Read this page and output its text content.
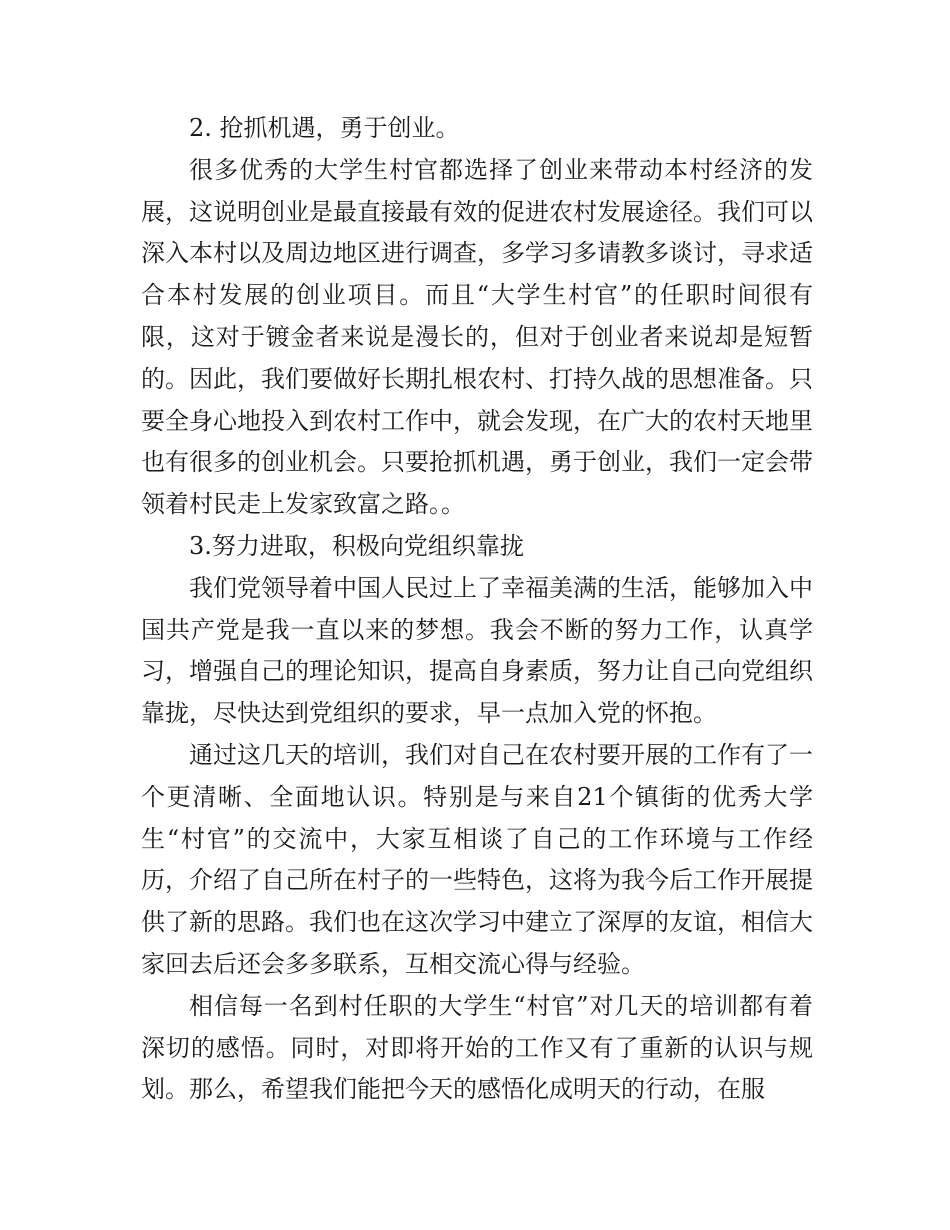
2. 抢抓机遇，勇于创业。

很多优秀的大学生村官都选择了创业来带动本村经济的发展，这说明创业是最直接最有效的促进农村发展途径。我们可以深入本村以及周边地区进行调查，多学习多请教多谈讨，寻求适合本村发展的创业项目。而且“大学生村官”的任职时间很有限，这对于镀金者来说是漫长的，但对于创业者来说却是短暂的。因此，我们要做好长期扎根农村、打持久战的思想准备。只要全身心地投入到农村工作中，就会发现，在广大的农村天地里也有很多的创业机会。只要抢抓机遇，勇于创业，我们一定会带领着村民走上发家致富之路。。

3.努力进取，积极向党组织靠拢

我们党领导着中国人民过上了幸福美满的生活，能够加入中国共产党是我一直以来的梦想。我会不断的努力工作，认真学习，增强自己的理论知识，提高自身素质，努力让自己向党组织靠拢，尽快达到党组织的要求，早一点加入党的怀抱。

通过这几天的培训，我们对自己在农村要开展的工作有了一个更清晰、全面地认识。特别是与来自21个镇街的优秀大学生“村官”的交流中，大家互相谈了自己的工作环境与工作经历，介绍了自己所在村子的一些特色，这将为我今后工作开展提供了新的思路。我们也在这次学习中建立了深厚的友谊，相信大家回去后还会多多联系，互相交流心得与经验。

相信每一名到村任职的大学生“村官”对几天的培训都有着深切的感悟。同时，对即将开始的工作又有了重新的认识与规划。那么，希望我们能把今天的感悟化成明天的行动，在服
